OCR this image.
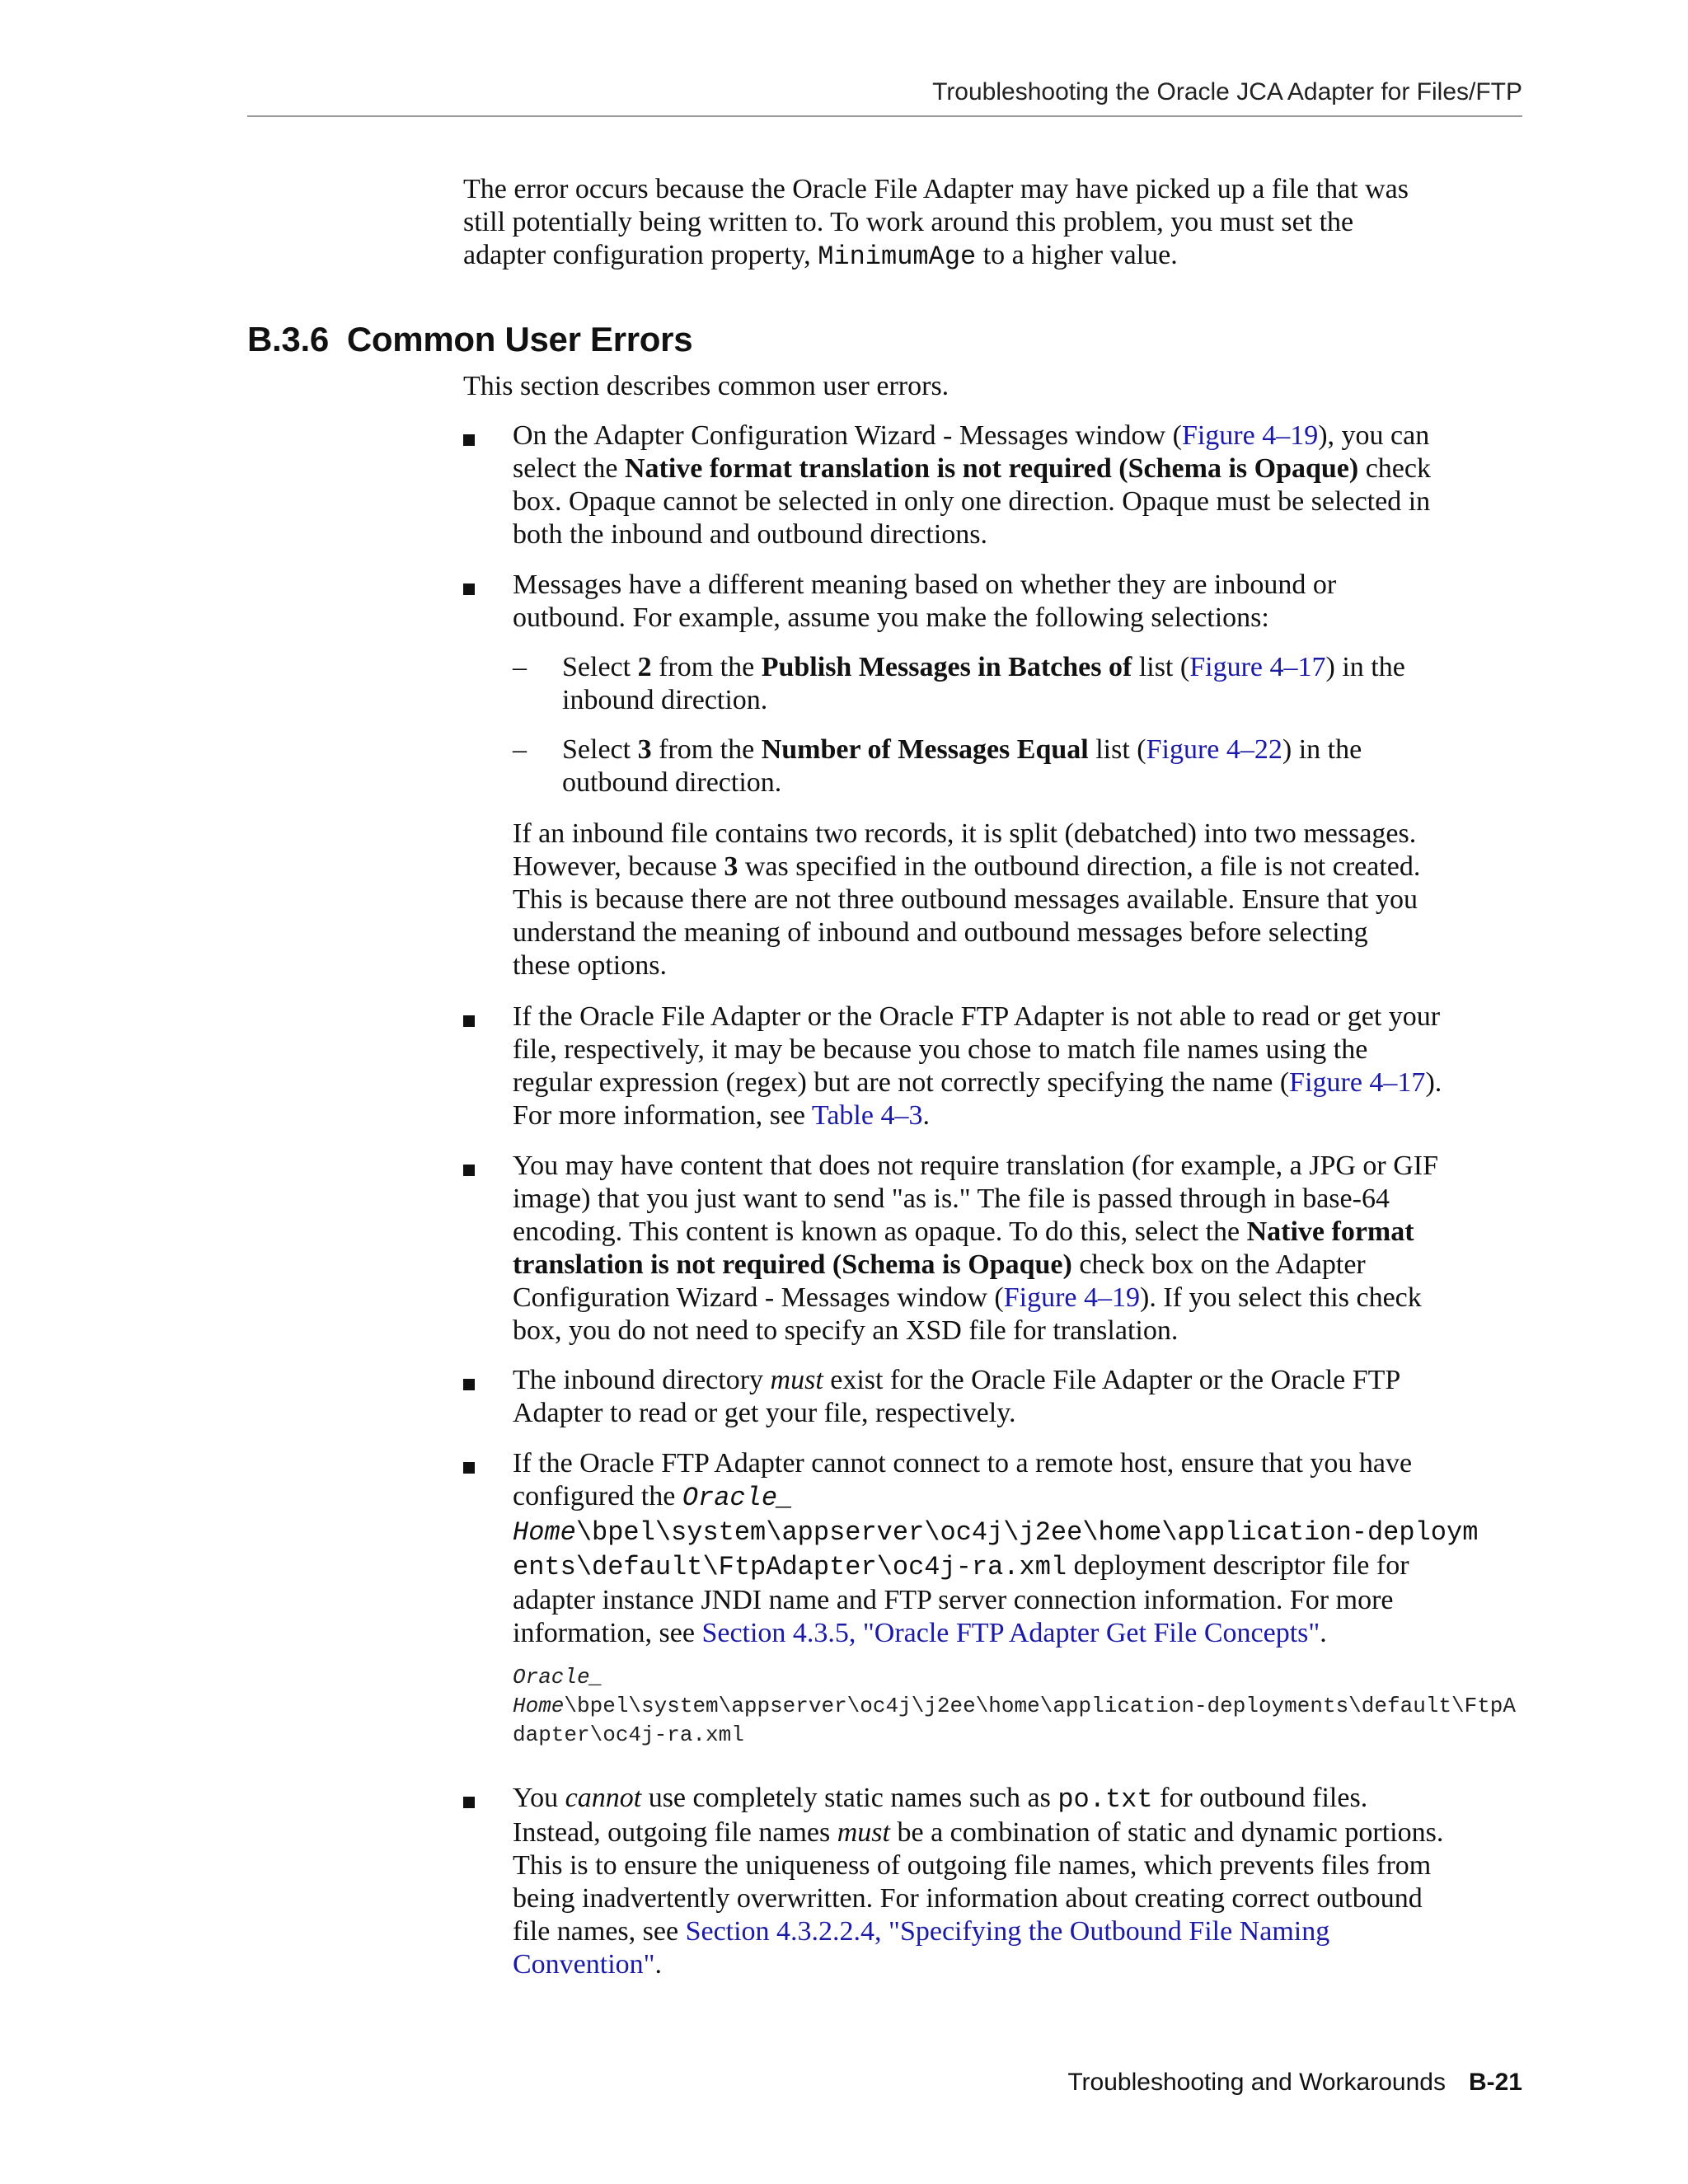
Troubleshooting the Oracle JCA Adapter for Files/FTP

The error occurs because the Oracle File Adapter may have picked up a file that was
still potentially being written to. To work around this problem, you must set the
adapter configuration property, MinimumAge to a higher value.

B.3.6 Common User Errors

This section describes common user errors.

On the Adapter Configuration Wizard - Messages window (Figure 4–19), you can
select the Native format translation is not required (Schema is Opaque) check
box. Opaque cannot be selected in only one direction. Opaque must be selected in
both the inbound and outbound directions.

Messages have a different meaning based on whether they are inbound or
outbound. For example, assume you make the following selections:

– Select 2 from the Publish Messages in Batches of list (Figure 4–17) in the
inbound direction.

– Select 3 from the Number of Messages Equal list (Figure 4–22) in the
outbound direction.

If an inbound file contains two records, it is split (debatched) into two messages.
However, because 3 was specified in the outbound direction, a file is not created.
This is because there are not three outbound messages available. Ensure that you
understand the meaning of inbound and outbound messages before selecting
these options.

If the Oracle File Adapter or the Oracle FTP Adapter is not able to read or get your
file, respectively, it may be because you chose to match file names using the
regular expression (regex) but are not correctly specifying the name (Figure 4–17).
For more information, see Table 4–3.

You may have content that does not require translation (for example, a JPG or GIF
image) that you just want to send "as is." The file is passed through in base-64
encoding. This content is known as opaque. To do this, select the Native format
translation is not required (Schema is Opaque) check box on the Adapter
Configuration Wizard - Messages window (Figure 4–19). If you select this check
box, you do not need to specify an XSD file for translation.

The inbound directory must exist for the Oracle File Adapter or the Oracle FTP
Adapter to read or get your file, respectively.

If the Oracle FTP Adapter cannot connect to a remote host, ensure that you have
configured the Oracle_
Home\bpel\system\appserver\oc4j\j2ee\home\application-deploym
ents\default\FtpAdapter\oc4j-ra.xml deployment descriptor file for
adapter instance JNDI name and FTP server connection information. For more
information, see Section 4.3.5, "Oracle FTP Adapter Get File Concepts".

Oracle_
Home\bpel\system\appserver\oc4j\j2ee\home\application-deployments\default\FtpA
dapter\oc4j-ra.xml

You cannot use completely static names such as po.txt for outbound files.
Instead, outgoing file names must be a combination of static and dynamic portions.
This is to ensure the uniqueness of outgoing file names, which prevents files from
being inadvertently overwritten. For information about creating correct outbound
file names, see Section 4.3.2.2.4, "Specifying the Outbound File Naming
Convention".

Troubleshooting and Workarounds B-21
